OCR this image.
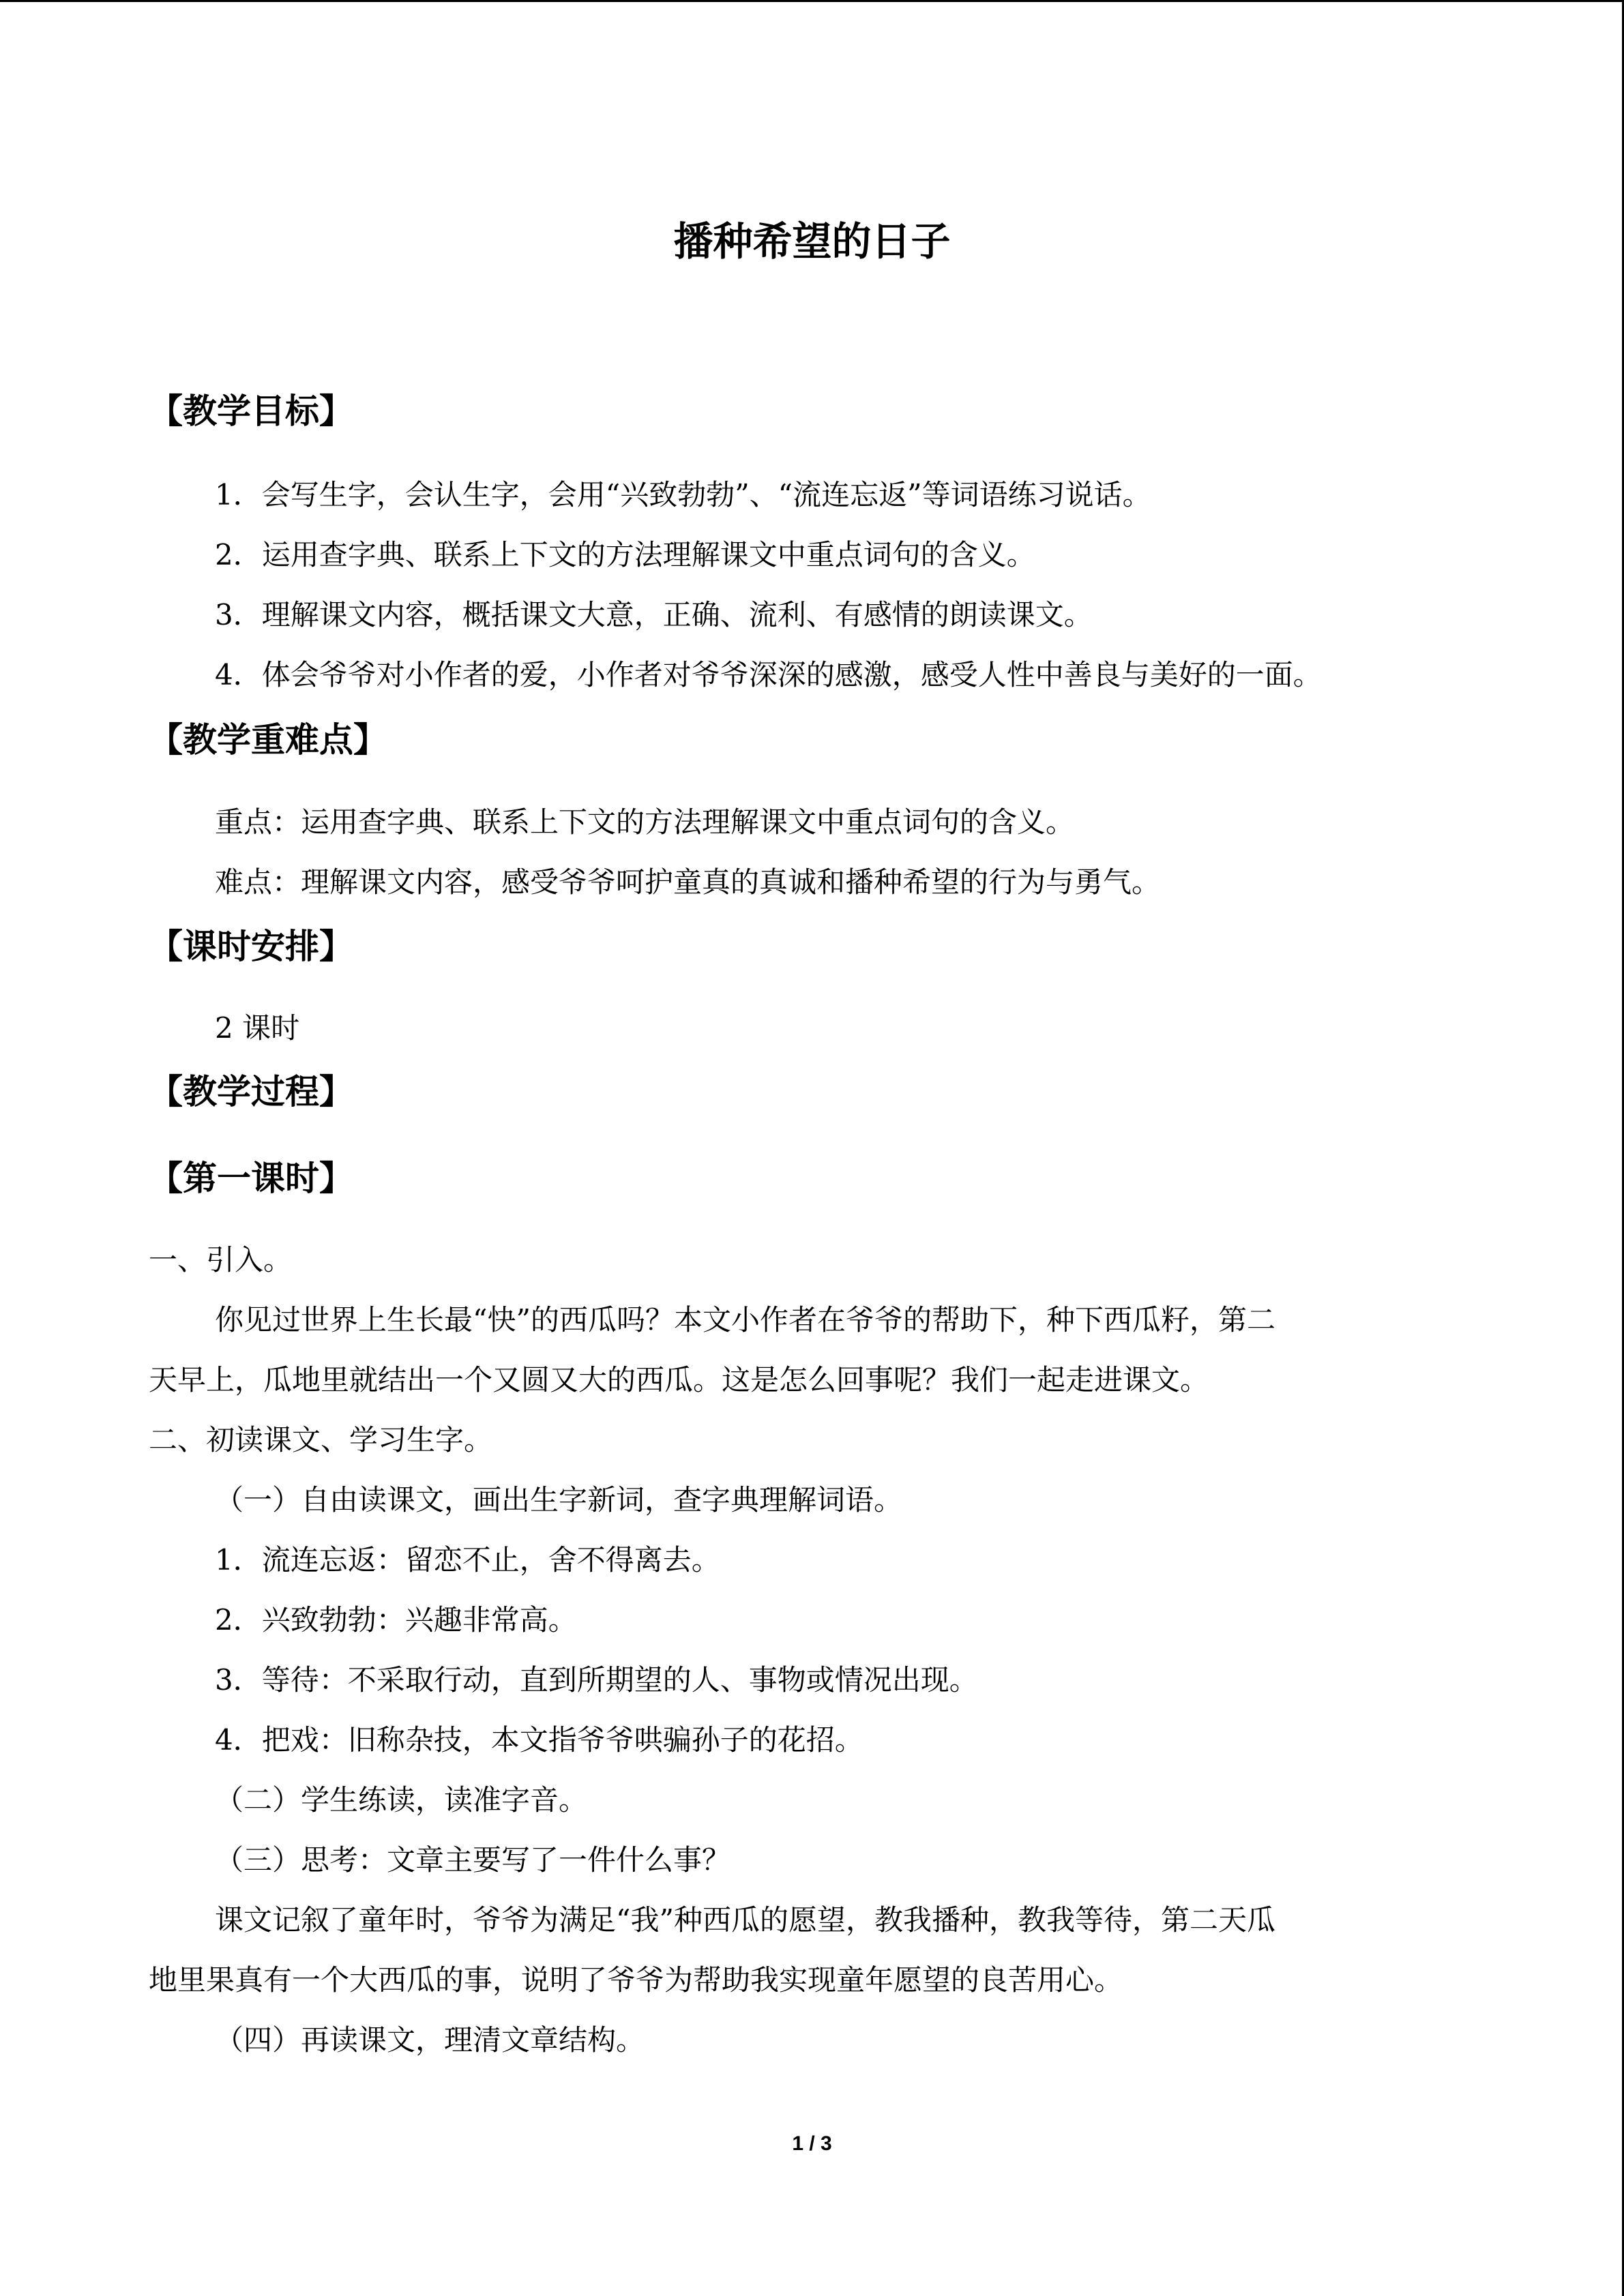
播种希望的日子
【教学目标】
1．会写生字，会认生字，会用“兴致勃勃”、“流连忘返”等词语练习说话。
2．运用查字典、联系上下文的方法理解课文中重点词句的含义。
3．理解课文内容，概括课文大意，正确、流利、有感情的朗读课文。
4．体会爷爷对小作者的爱，小作者对爷爷深深的感激，感受人性中善良与美好的一面。
【教学重难点】
重点：运用查字典、联系上下文的方法理解课文中重点词句的含义。
难点：理解课文内容，感受爷爷呵护童真的真诚和播种希望的行为与勇气。
【课时安排】
2 课时
【教学过程】
【第一课时】
一、引入。
你见过世界上生长最“快”的西瓜吗？本文小作者在爷爷的帮助下，种下西瓜籽，第二
天早上，瓜地里就结出一个又圆又大的西瓜。这是怎么回事呢？我们一起走进课文。
二、初读课文、学习生字。
（一）自由读课文，画出生字新词，查字典理解词语。
1．流连忘返：留恋不止，舍不得离去。
2．兴致勃勃：兴趣非常高。
3．等待：不采取行动，直到所期望的人、事物或情况出现。
4．把戏：旧称杂技，本文指爷爷哄骗孙子的花招。
（二）学生练读，读准字音。
（三）思考：文章主要写了一件什么事？
课文记叙了童年时，爷爷为满足“我”种西瓜的愿望，教我播种，教我等待，第二天瓜
地里果真有一个大西瓜的事，说明了爷爷为帮助我实现童年愿望的良苦用心。
（四）再读课文，理清文章结构。
1 / 3
